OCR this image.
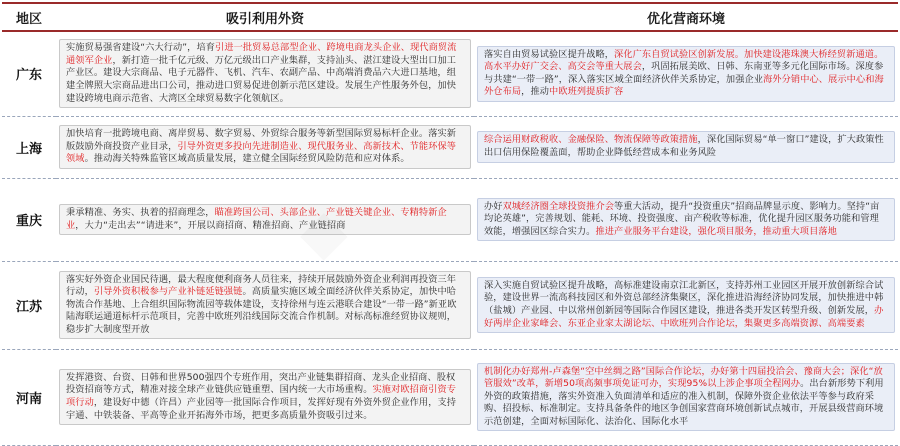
地区	吸引利用外资	优化营商环境
广东	实施贸易强省建设“六大行动”，培育引进一批贸易总部型企业、跨境电商龙头企业、现代商贸流通领军企业，新打造一批千亿元级、万亿元级出口产业集群，支持汕头、湛江建设大型出口加工产业区。建设大宗商品、电子元器件、飞机、汽车、农副产品、中高端消费品六大进口基地，组建全牌照大宗商品进出口公司，推动进口贸易促进创新示范区建设。发展生产性服务外包，加快建设跨境电商示范省、大湾区全球贸易数字化领航区。	落实自由贸易试验区提升战略，深化广东自贸试验区创新发展。加快建设港珠澳大桥经贸新通道。高水平办好广交会、高交会等重大展会，巩固拓展美欧、日韩、东南亚等多元化国际市场。深度参与共建“一带一路”，深入落实区域全面经济伙伴关系协定，加强企业海外分销中心、展示中心和海外仓布局，推动中欧班列提质扩容

上海	加快培育一批跨境电商、离岸贸易、数字贸易、外贸综合服务等新型国际贸易标杆企业。落实新版鼓励外商投资产业目录，引导外资更多投向先进制造业、现代服务业、高新技术、节能环保等领域。推动海关特殊监管区域高质量发展，建立健全国际经贸风险防范和应对体系。	综合运用财政税收、金融保险、物流保障等政策措施，深化国际贸易“单一窗口”建设，扩大政策性出口信用保险覆盖面，帮助企业降低经营成本和业务风险

重庆	秉承精准、务实、执着的招商理念，瞄准跨国公司、头部企业、产业链关键企业、专精特新企业，大力“走出去”“请进来”，开展以商招商、精准招商、产业链招商	办好双城经济圈全球投资推介会等重大活动，提升“投资重庆”招商品牌显示度、影响力。坚持“亩均论英雄”，完善规划、能耗、环境、投资强度、亩产税收等标准，优化提升园区服务功能和管理效能，增强园区综合实力。推进产业服务平台建设，强化项目服务，推动重大项目落地

江苏	落实好外资企业国民待遇，最大程度便利商务人员往来，持续开展鼓励外资企业利润再投资三年行动，引导外资积极参与产业补链延链强链。高质量实施区域全面经济伙伴关系协定，加快中哈物流合作基地、上合组织国际物流园等载体建设，支持徐州与连云港联合建设“一带一路”新亚欧陆海联运通道标杆示范项目，完善中欧班列沿线国际交流合作机制。对标高标准经贸协议规则，稳步扩大制度型开放	深入实施自贸试验区提升战略，高标准建设南京江北新区，支持苏州工业园区开展开放创新综合试验，建设世界一流高科技园区和外资总部经济集聚区，深化推进沿海经济协同发展，加快推进中韩（盐城）产业园、中以常州创新园等国际合作园区建设，推进各类开发区转型升级、创新发展，办好两岸企业家峰会、东亚企业家太湖论坛、中欧班列合作论坛，集聚更多高端资源、高端要素

河南	发挥港资、台资、日韩和世界500强四个专班作用，突出产业链集群招商、龙头企业招商、股权投资招商等方式，精准对接全球产业链供应链重塑、国内统一大市场重构。实施对欧招商引资专项行动，建设好中德（许昌）产业园等一批国际合作项目，发挥好现有外资外贸企业作用，支持宇通、中铁装备、平高等企业开拓海外市场，把更多高质量外资吸引过来。	机制化办好郑州-卢森堡“空中丝绸之路”国际合作论坛，办好第十四届投洽会、豫商大会；深化“放管服效”改革，新增50项高频事项免证可办，实现95%以上涉企事项全程网办。出台新形势下利用外资的政策措施，落实外资准入负面清单和适应的准入机制，保障外资企业依法平等参与政府采购、招投标、标准制定。支持具备条件的地区争创国家营商环境创新试点城市，开展县级营商环境示范创建，全面对标国际化、法治化、国际化水平
